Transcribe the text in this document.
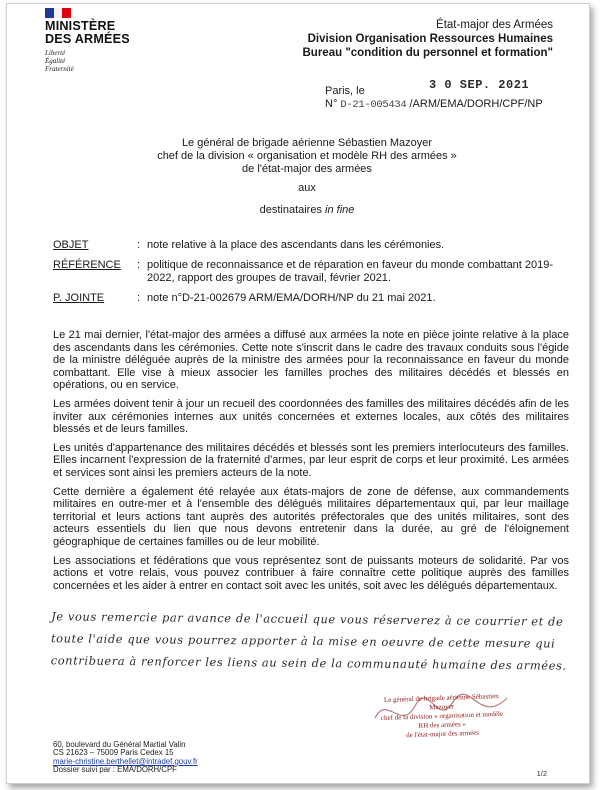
MINISTÈRE
DES ARMÉES
Liberté
Égalité
Fraternité
État-major des Armées
Division Organisation Ressources Humaines
Bureau "condition du personnel et formation"
Paris, le	3 0 SEP. 2021
N° D-21-005434 /ARM/EMA/DORH/CPF/NP
Le général de brigade aérienne Sébastien Mazoyer
chef de la division « organisation et modèle RH des armées »
de l'état-major des armées
aux
destinataires in fine
OBJET	: note relative à la place des ascendants dans les cérémonies.
RÉFÉRENCE	: politique de reconnaissance et de réparation en faveur du monde combattant 2019-2022, rapport des groupes de travail, février 2021.
P. JOINTE	: note n°D-21-002679 ARM/EMA/DORH/NP du 21 mai 2021.

Le 21 mai dernier, l'état-major des armées a diffusé aux armées la note en pièce jointe relative à la place des ascendants dans les cérémonies. Cette note s'inscrit dans le cadre des travaux conduits sous l'égide de la ministre déléguée auprès de la ministre des armées pour la reconnaissance en faveur du monde combattant. Elle vise à mieux associer les familles proches des militaires décédés et blessés en opérations, ou en service.

Les armées doivent tenir à jour un recueil des coordonnées des familles des militaires décédés afin de les inviter aux cérémonies internes aux unités concernées et externes locales, aux côtés des militaires blessés et de leurs familles.

Les unités d'appartenance des militaires décédés et blessés sont les premiers interlocuteurs des familles. Elles incarnent l'expression de la fraternité d'armes, par leur esprit de corps et leur proximité. Les armées et services sont ainsi les premiers acteurs de la note.

Cette dernière a également été relayée aux états-majors de zone de défense, aux commandements militaires en outre-mer et à l'ensemble des délégués militaires départementaux qui, par leur maillage territorial et leurs actions tant auprès des autorités préfectorales que des unités militaires, sont des acteurs essentiels du lien que nous devons entretenir dans la durée, au gré de l'éloignement géographique de certaines familles ou de leur mobilité.

Les associations et fédérations que vous représentez sont de puissants moteurs de solidarité. Par vos actions et votre relais, vous pouvez contribuer à faire connaître cette politique auprès des familles concernées et les aider à entrer en contact soit avec les unités, soit avec les délégués départementaux.

Je vous remercie par avance de l'accueil que vous réserverez à ce courrier et de toute l'aide que vous pourrez apporter à la mise en oeuvre de cette mesure qui contribuera à renforcer les liens au sein de la communauté humaine des armées.
Le général de brigade aérienne Sébastien Mazoyer
chef de la division « organisation et modèle RH des armées »
de l'état-major des armées
60, boulevard du Général Martial Valin
CS 21623 – 75009 Paris Cedex 15
marie-christine.berthellet@intradef.gouv.fr
Dossier suivi par : EMA/DORH/CPF	1/2
